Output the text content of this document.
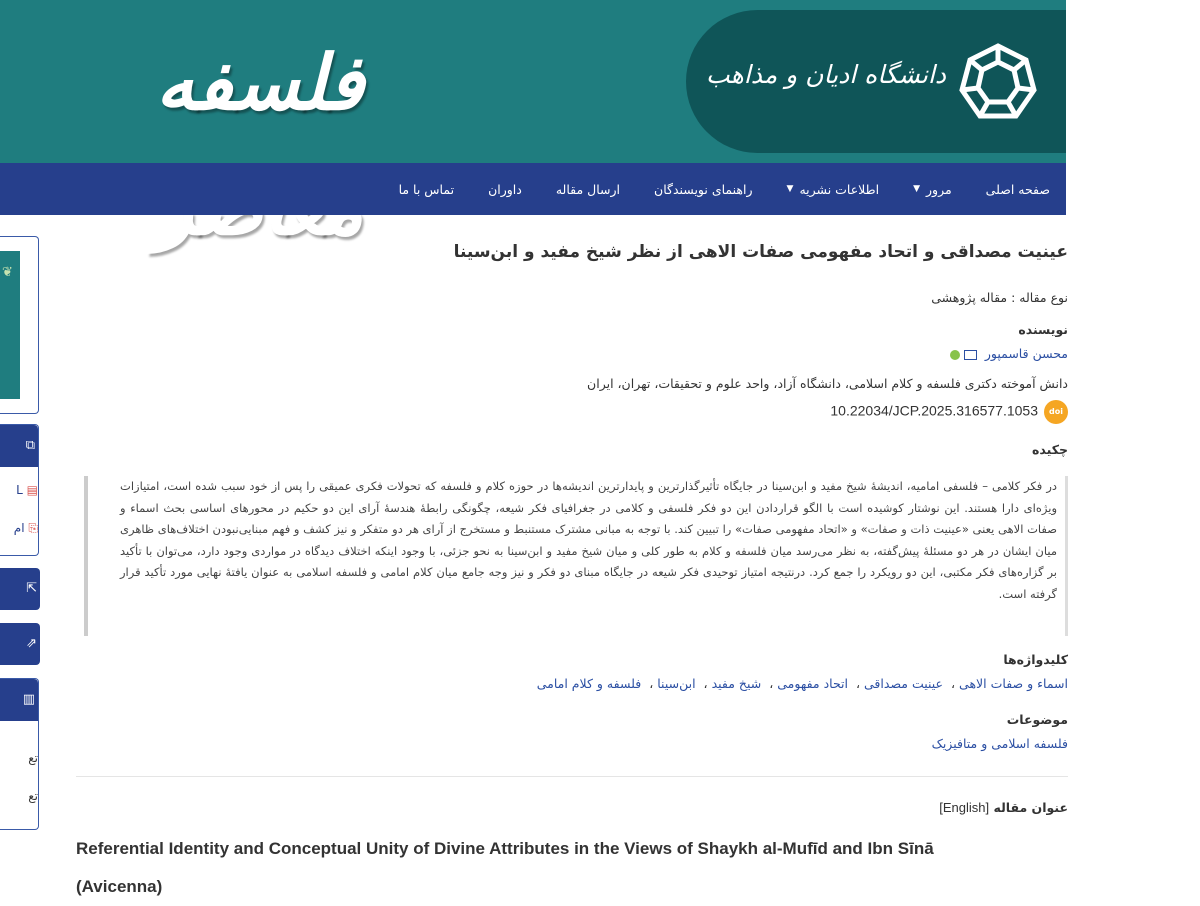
فلسفه	دانشگاه ادیان و مذاهب
صفحه اصلی
مرور
▼
اطلاعات نشریه
▼
راهنمای نویسندگان
ارسال مقاله
داوران
تماس با ما
❦
⧉
L ▤
ام ⎘
⇱
⇗
▥
تع
تع
عینیت مصداقی و اتحاد مفهومی صفات الاهی از نظر شیخ مفید و ابن‌سینا
نوع مقاله : مقاله پژوهشی
نویسنده
محسن قاسمپور
دانش آموخته دکتری فلسفه و کلام اسلامی، دانشگاه آزاد، واحد علوم و تحقیقات، تهران، ایران
doi10.22034/JCP.2025.316577.1053
چکیده

در فکر کلامی – فلسفی امامیه، اندیشهٔ شیخ مفید و ابن‌سینا در جایگاه تأثیرگذارترین و پایدارترین اندیشه‌ها در حوزه کلام و فلسفه که تحولات فکری عمیقی را پس از خود سبب شده است، امتیازات ویژه‌ای دارا هستند. این نوشتار کوشیده است با الگو قراردادن این دو فکر فلسفی و کلامی در جغرافیای فکر شیعه، چگونگی رابطهٔ هندسهٔ آرای این دو حکیم در محورهای اساسی بحث اسماء و صفات الاهی یعنی «عینیت ذات و صفات» و «اتحاد مفهومی صفات» را تبیین کند. با توجه به مبانی مشترک مستنبط و مستخرج از آرای هر دو متفکر و نیز کشف و فهم مبنایی‌نبودن اختلاف‌های ظاهری میان ایشان در هر دو مسئلهٔ پیش‌گفته، به نظر می‌رسد میان فلسفه و کلام به طور کلی و میان شیخ مفید و ابن‌سینا به نحو جزئی، با وجود اینکه اختلاف دیدگاه در مواردی وجود دارد، می‌توان با تأکید بر گزاره‌های فکر مکتبی، این دو رویکرد را جمع کرد. درنتیجه امتیاز توحیدی فکر شیعه در جایگاه مبنای دو فکر و نیز وجه جامع میان کلام امامی و فلسفه اسلامی به عنوان یافتهٔ نهایی مورد تأکید قرار گرفته است.

کلیدواژه‌ها
اسماء و صفات الاهی، عینیت مصداقی، اتحاد مفهومی، شیخ مفید، ابن‌سینا، فلسفه و کلام امامی
موضوعات
فلسفه اسلامی و متافیزیک
عنوان مقاله [English]
Referential Identity and Conceptual Unity of Divine Attributes in the Views of Shaykh al-Mufīd and Ibn Sīnā (Avicenna)
